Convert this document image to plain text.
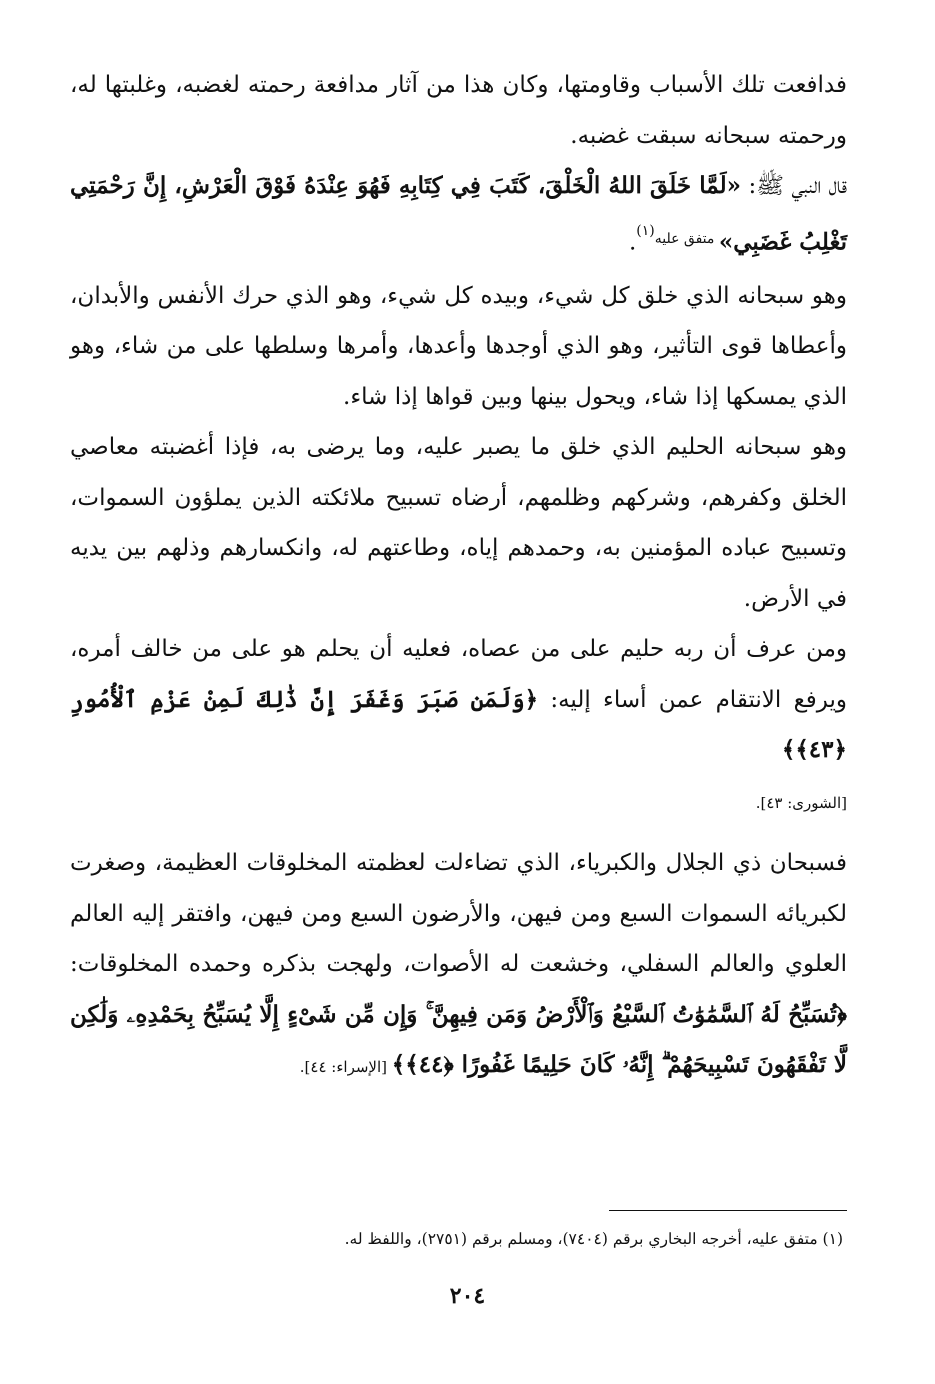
فدافعت تلك الأسباب وقاومتها، وكان هذا من آثار مدافعة رحمته لغضبه، وغلبتها له، ورحمته سبحانه سبقت غضبه.

قال النبي ﷺ: «لَمَّا خَلَقَ اللهُ الْخَلْقَ، كَتَبَ فِي كِتَابِهِ فَهُوَ عِنْدَهُ فَوْقَ الْعَرْشِ، إِنَّ رَحْمَتِي تَغْلِبُ غَضَبِي» $^{متفق عليه(١)}$.

وهو سبحانه الذي خلق كل شيء، وبيده كل شيء، وهو الذي حرك الأنفس والأبدان، وأعطاها قوى التأثير، وهو الذي أوجدها وأعدها، وأمرها وسلطها على من شاء، وهو الذي يمسكها إذا شاء، ويحول بينها وبين قواها إذا شاء.

وهو سبحانه الحليم الذي خلق ما يصبر عليه، وما يرضى به، فإذا أغضبته معاصي الخلق وكفرهم، وشركهم وظلمهم، أرضاه تسبيح ملائكته الذين يملؤون السموات، وتسبيح عباده المؤمنين به، وحمدهم إياه، وطاعتهم له، وانكسارهم وذلهم بين يديه في الأرض.

ومن عرف أن ربه حليم على من عصاه، فعليه أن يحلم هو على من خالف أمره، ويرفع الانتقام عمن أساء إليه: ﴿وَلَمَن صَبَرَ وَغَفَرَ إِنَّ ذَٰلِكَ لَمِنْ عَزْمِ ٱلْأُمُورِ ﴿٤٣﴾﴾
[الشورى: ٤٣].

فسبحان ذي الجلال والكبرياء، الذي تضاءلت لعظمته المخلوقات العظيمة، وصغرت لكبريائه السموات السبع ومن فيهن، والأرضون السبع ومن فيهن، وافتقر إليه العالم العلوي والعالم السفلي، وخشعت له الأصوات، ولهجت بذكره وحمده المخلوقات: ﴿تُسَبِّحُ لَهُ ٱلسَّمَٰوَٰتُ ٱلسَّبْعُ وَٱلْأَرْضُ وَمَن فِيهِنَّ ۚ وَإِن مِّن شَىْءٍ إِلَّا يُسَبِّحُ بِحَمْدِهِۦ وَلَٰكِن لَّا تَفْقَهُونَ تَسْبِيحَهُمْ ۗ إِنَّهُۥ كَانَ حَلِيمًا غَفُورًا ﴿٤٤﴾﴾ [الإسراء: ٤٤].

(١) متفق عليه، أخرجه البخاري برقم (٧٤٠٤)، ومسلم برقم (٢٧٥١)، واللفظ له.
٢٠٤
